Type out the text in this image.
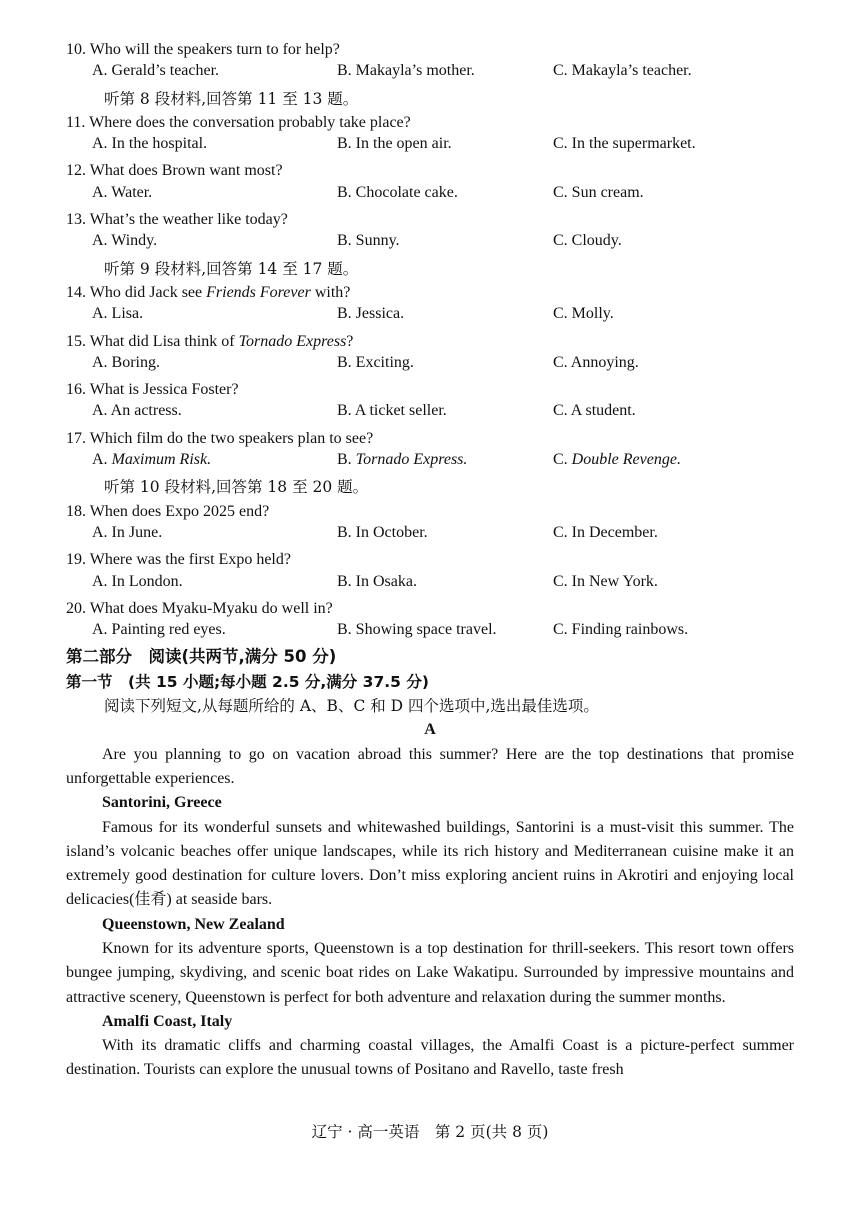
10. Who will the speakers turn to for help?
A. Gerald’s teacher.	B. Makayla’s mother.	C. Makayla’s teacher.
听第 8 段材料,回答第 11 至 13 题。
11. Where does the conversation probably take place?
A. In the hospital.	B. In the open air.	C. In the supermarket.
12. What does Brown want most?
A. Water.	B. Chocolate cake.	C. Sun cream.
13. What’s the weather like today?
A. Windy.	B. Sunny.	C. Cloudy.
听第 9 段材料,回答第 14 至 17 题。
14. Who did Jack see Friends Forever with?
A. Lisa.	B. Jessica.	C. Molly.
15. What did Lisa think of Tornado Express?
A. Boring.	B. Exciting.	C. Annoying.
16. What is Jessica Foster?
A. An actress.	B. A ticket seller.	C. A student.
17. Which film do the two speakers plan to see?
A. Maximum Risk.	B. Tornado Express.	C. Double Revenge.
听第 10 段材料,回答第 18 至 20 题。
18. When does Expo 2025 end?
A. In June.	B. In October.	C. In December.
19. Where was the first Expo held?
A. In London.	B. In Osaka.	C. In New York.
20. What does Myaku-Myaku do well in?
A. Painting red eyes.	B. Showing space travel.	C. Finding rainbows.
第二部分　阅读(共两节,满分 50 分)
第一节　(共 15 小题;每小题 2.5 分,满分 37.5 分)
阅读下列短文,从每题所给的 A、B、C 和 D 四个选项中,选出最佳选项。
A

Are you planning to go on vacation abroad this summer? Here are the top destinations that promise unforgettable experiences.

Santorini, Greece

Famous for its wonderful sunsets and whitewashed buildings, Santorini is a must-visit this summer. The island’s volcanic beaches offer unique landscapes, while its rich history and Mediterranean cuisine make it an extremely good destination for culture lovers. Don’t miss exploring ancient ruins in Akrotiri and enjoying local delicacies(佳肴) at seaside bars.

Queenstown, New Zealand

Known for its adventure sports, Queenstown is a top destination for thrill-seekers. This resort town offers bungee jumping, skydiving, and scenic boat rides on Lake Wakatipu. Surrounded by impressive mountains and attractive scenery, Queenstown is perfect for both adventure and relaxation during the summer months.

Amalfi Coast, Italy

With its dramatic cliffs and charming coastal villages, the Amalfi Coast is a picture-perfect summer destination. Tourists can explore the unusual towns of Positano and Ravello, taste fresh

辽宁 · 高一英语　第 2 页(共 8 页)
